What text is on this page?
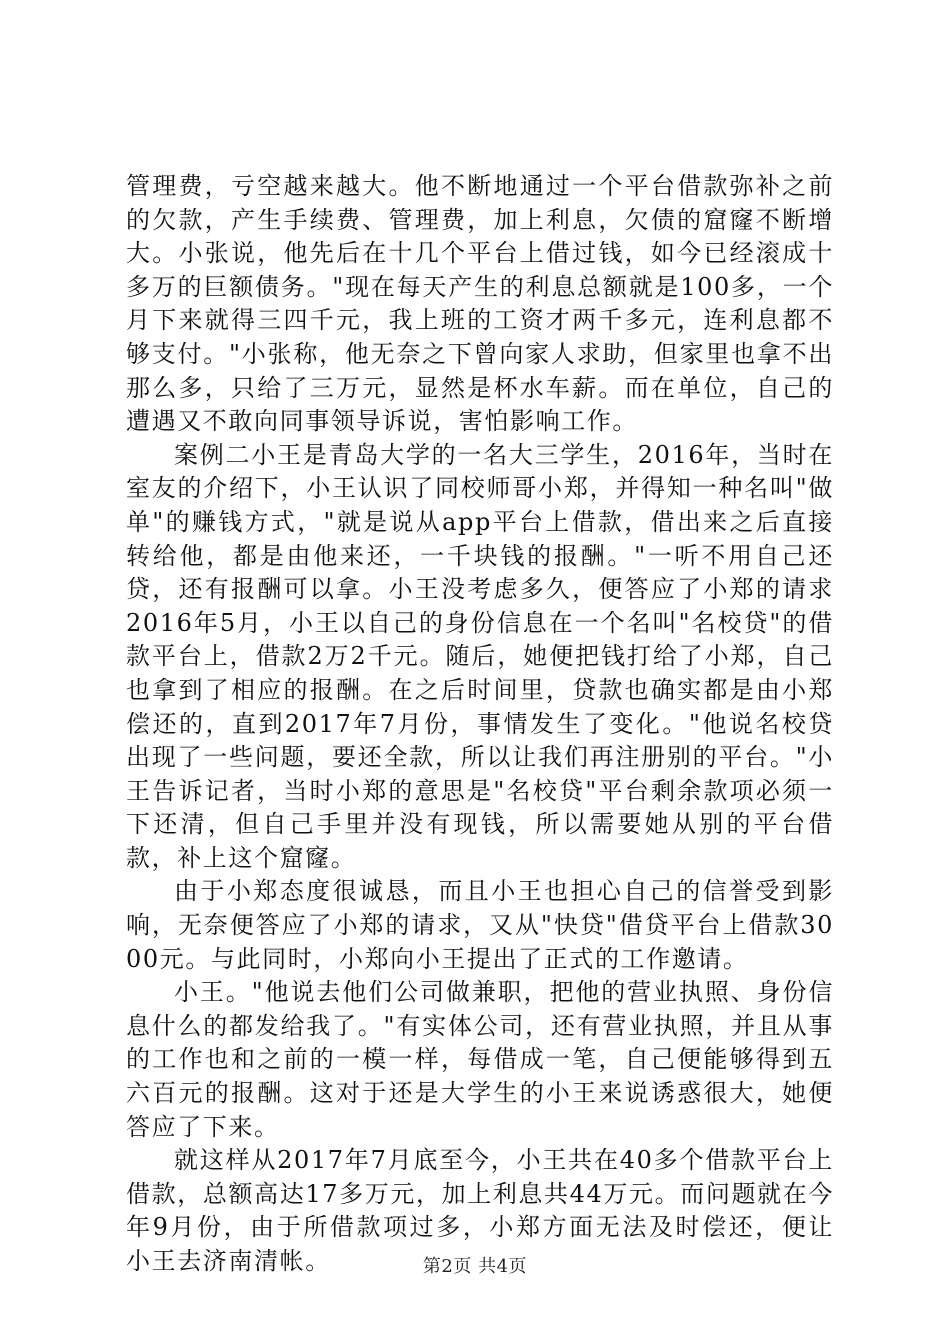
管理费，亏空越来越大。他不断地通过一个平台借款弥补之前的欠款，产生手续费、管理费，加上利息，欠债的窟窿不断增大。小张说，他先后在十几个平台上借过钱，如今已经滚成十多万的巨额债务。"现在每天产生的利息总额就是100多，一个月下来就得三四千元，我上班的工资才两千多元，连利息都不够支付。"小张称，他无奈之下曾向家人求助，但家里也拿不出那么多，只给了三万元，显然是杯水车薪。而在单位，自己的遭遇又不敢向同事领导诉说，害怕影响工作。

案例二小王是青岛大学的一名大三学生，2016年，当时在室友的介绍下，小王认识了同校师哥小郑，并得知一种名叫"做单"的赚钱方式，"就是说从app平台上借款，借出来之后直接转给他，都是由他来还，一千块钱的报酬。"一听不用自己还贷，还有报酬可以拿。小王没考虑多久，便答应了小郑的请求2016年5月，小王以自己的身份信息在一个名叫"名校贷"的借款平台上，借款2万2千元。随后，她便把钱打给了小郑，自己也拿到了相应的报酬。在之后时间里，贷款也确实都是由小郑偿还的，直到2017年7月份，事情发生了变化。"他说名校贷出现了一些问题，要还全款，所以让我们再注册别的平台。"小王告诉记者，当时小郑的意思是"名校贷"平台剩余款项必须一下还清，但自己手里并没有现钱，所以需要她从别的平台借款，补上这个窟窿。

由于小郑态度很诚恳，而且小王也担心自己的信誉受到影响，无奈便答应了小郑的请求，又从"快贷"借贷平台上借款3000元。与此同时，小郑向小王提出了正式的工作邀请。

小王。"他说去他们公司做兼职，把他的营业执照、身份信息什么的都发给我了。"有实体公司，还有营业执照，并且从事的工作也和之前的一模一样，每借成一笔，自己便能够得到五六百元的报酬。这对于还是大学生的小王来说诱惑很大，她便答应了下来。

就这样从2017年7月底至今，小王共在40多个借款平台上借款，总额高达17多万元，加上利息共44万元。而问题就在今年9月份，由于所借款项过多，小郑方面无法及时偿还，便让小王去济南清帐。	第2页 共4页
